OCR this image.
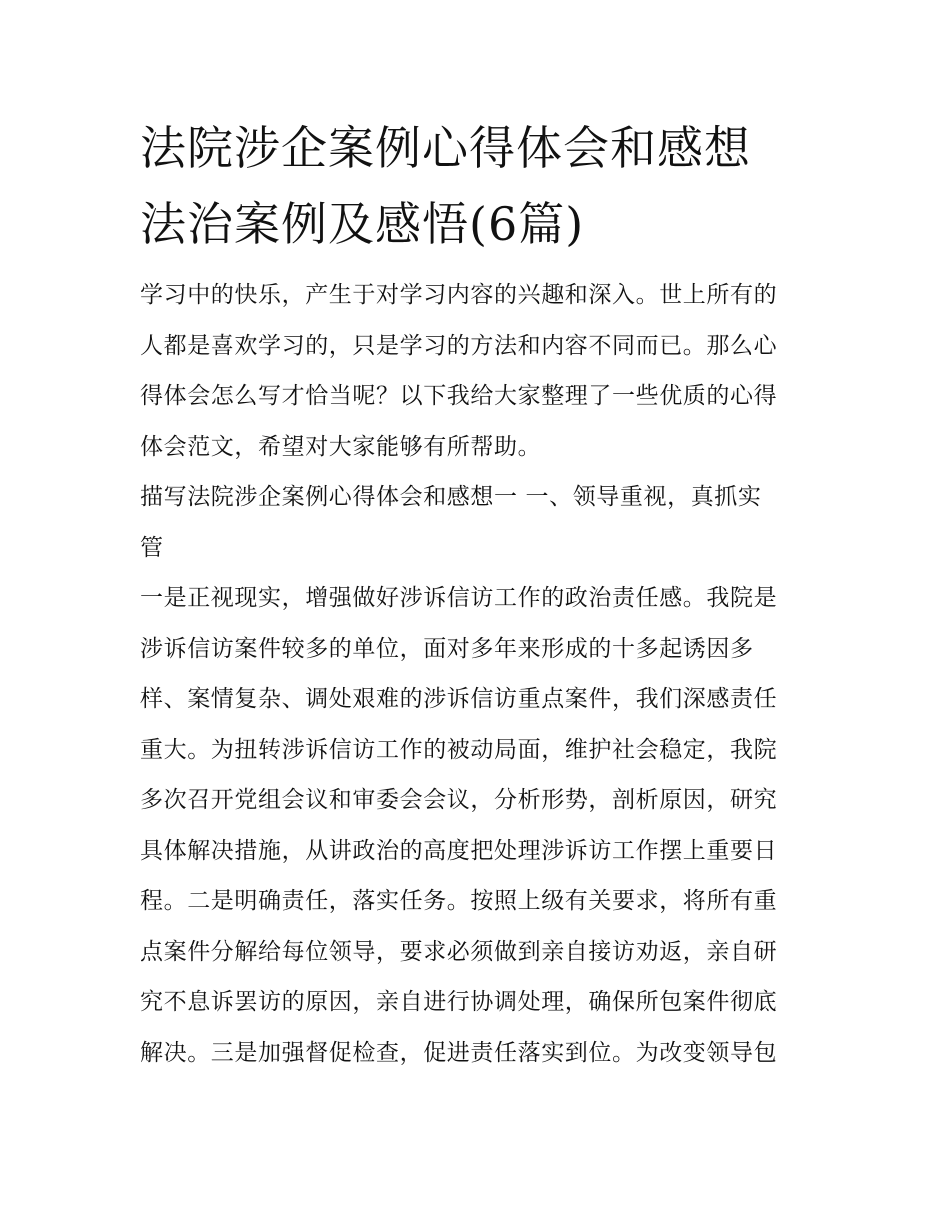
法院涉企案例心得体会和感想
法治案例及感悟(6篇)
学习中的快乐，产生于对学习内容的兴趣和深入。世上所有的
人都是喜欢学习的，只是学习的方法和内容不同而已。那么心
得体会怎么写才恰当呢？以下我给大家整理了一些优质的心得
体会范文，希望对大家能够有所帮助。
描写法院涉企案例心得体会和感想一 一、领导重视，真抓实
管
一是正视现实，增强做好涉诉信访工作的政治责任感。我院是
涉诉信访案件较多的单位，面对多年来形成的十多起诱因多
样、案情复杂、调处艰难的涉诉信访重点案件，我们深感责任
重大。为扭转涉诉信访工作的被动局面，维护社会稳定，我院
多次召开党组会议和审委会会议，分析形势，剖析原因，研究
具体解决措施，从讲政治的高度把处理涉诉访工作摆上重要日
程。二是明确责任，落实任务。按照上级有关要求，将所有重
点案件分解给每位领导，要求必须做到亲自接访劝返，亲自研
究不息诉罢访的原因，亲自进行协调处理，确保所包案件彻底
解决。三是加强督促检查，促进责任落实到位。为改变领导包
